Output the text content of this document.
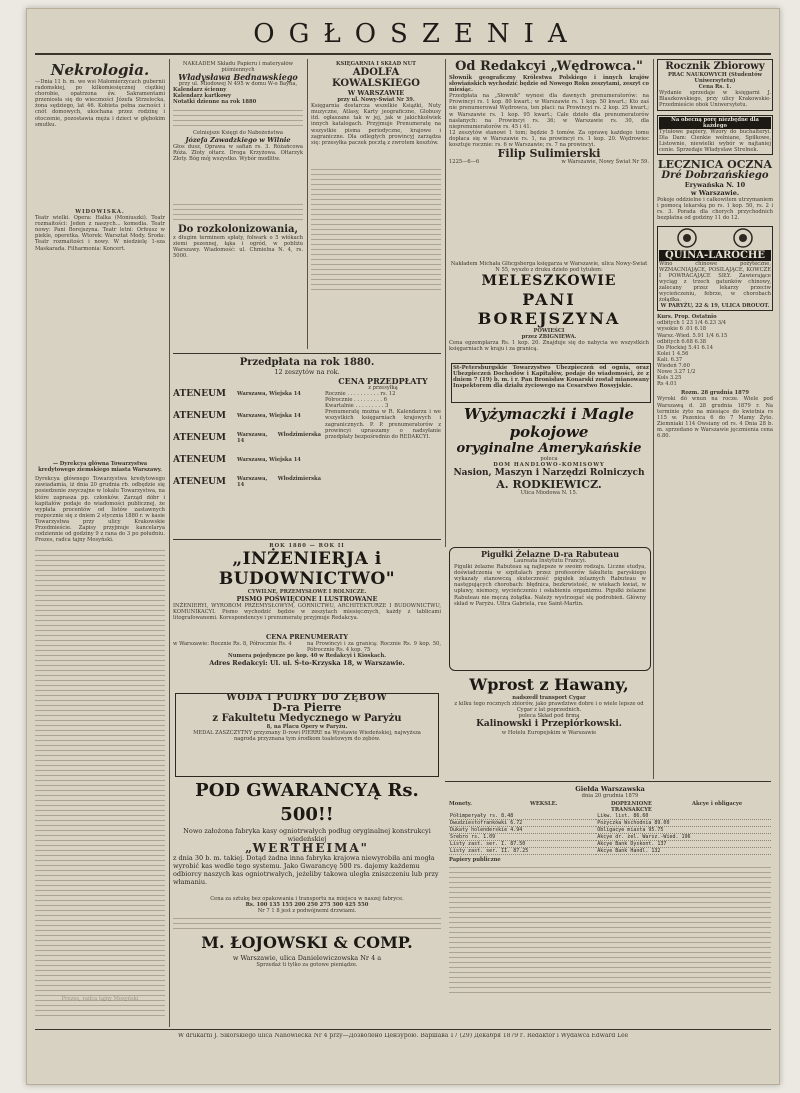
OGŁOSZENIA
Nekrologia.
—Dnia 11 b. m. we wsi Małomierzycach gubernii radomskiej, po kilkomiesięcznej ciężkiej chorobie, opatrzona św. Sakramentami przeniosła się do wieczności Józefa Strzelecka, żona sędziego, lat 46. Kobieta pełna zacności i cnót domowych, ukochana przez rodzinę i otoczenie, pozostawia męża i dzieci w głębokim smutku.
WIDOWISKA.
Teatr wielki. Opera: Halka (Moniuszki). Teatr rozmaitości: Jeden z naszych... komedia. Teatr nowy: Pani Borejszyna. Teatr letni: Orfeusz w piekle, operetka. Wtorek: Warsztat Mody. Środa: Teatr rozmaitości i nowy. W niedzielę 1-sza Maskarada. Filharmonia: Koncert.
— Dyrekcya główna Towarzystwa kredytowego ziemskiego miasta Warszawy.
Dyrekcya głównego Towarzystwa kredytowego zawiadamia, iż dnia 20 grudnia rb. odbędzie się posiedzenie zwyczajne w lokalu Towarzystwa, na które zaprasza pp. członków. Zarząd dóbr i kapitałów podaje do wiadomości publicznej, że wypłata procentów od listów zastawnych rozpocznie się z dniem 2 stycznia 1880 r. w kasie Towarzystwa przy ulicy Krakowskie Przedmieście. Zapisy przyjmuje kancelarya codziennie od godziny 9 z rana do 3 po południu. Prezes, radca tajny Mosyński.
NAKŁADEM Składu Papieru i materyałów piśmiennych
Władysława Bednawskiego
przy ul. Miodowej N 495 w domu W-o Bayna,
Kalendarz ścienny
Kalendarz kartkowy
Notatki dzienne na rok 1880
Celniejsze Księgi do Nabożeństwa
Józefa Zawadzkiego w Wilnie
Głos dusz, Oprawa w safian rs. 3. Różańcowa Róża. Złoty ołtarz. Droga Krzyżowa. Ołtarzyk Złoty. Bóg mój wszystko. Wybór modlitw.
Do rozkolonizowania,
z długim terminem spłaty, folwark o 5 włókach ziemi pszennej, łąka i ogród, w pobliżu Warszawy. Wiadomość: ul. Chmielna N. 4, rs. 5000.
KSIĘGARNIA I SKŁAD NUT
ADOLFA KOWALSKIEGO
W WARSZAWIE
przy ul. Nowy-Świat Nr 39.
Księgarnia dostarcza wszelkie Książki, Nuty muzyczne, Atlasy, Karty jeograficzne, Globusy itd. ogłaszane tak w jej, jak w jakichkolwiek innych katalogach. Przyjmuje Prenumeratę na wszystkie pisma periodyczne, krajowe i zagraniczne. Dla odległych prowincyj zarządza się: przesyłka paczek pocztą z zwrotem kosztów.
Przedpłata na rok 1880.
12 zeszytów na rok.
ATENEUM	Warszawa, Wiejska 14
ATENEUM	Warszawa, Wiejska 14
ATENEUM	Warszawa, Włodzimierska 14
ATENEUM	Warszawa, Wiejska 14
ATENEUM	Warszawa, Włodzimierska 14
CENA PRZEDPŁATY
z przesyłką
Rocznie . . . . . . . . . . rs. 12
Półrocznie . . . . . . . . . 6
Kwartalnie . . . . . . . . . 3
Prenumeratę można w R. Kalendarzu i we wszystkich księgarniach krajowych i zagranicznych. P. P. prenumeratorów z prowincyi upraszamy o nadsyłanie przedpłaty bezpośrednio do REDAKCYI.
ROK 1880 — ROK II
„INŻENIERJA i BUDOWNICTWO"
CYWILNE, PRZEMYSŁOWE I ROLNICZE.
PISMO POŚWIĘCONE I LUSTROWANE
INŻENIERYI, WYROBOM PRZEMYSŁOWYM, GÓRNICTWU, ARCHITEKTURZE I BUDOWNICTWU, KOMUNIKACYI. Pismo wychodzić będzie w zeszytach miesięcznych, każdy z tablicami litografowanemi. Korespondencye i prenumeratę przyjmuje Redakcya.
CENA PRENUMERATY
w Warszawie: Rocznie Rs. 8, Półrocznie Rs. 4	na Prowincyi i za granicą: Rocznie Rs. 9 kop. 50, Półrocznie Rs. 4 kop. 75
Numera pojedyncze po kop. 40 w Redakcyi i Kioskach.
Adres Redakcyi: Ul. ul. Ś-to-Krzyska 18, w Warszawie.
WODA I PUDRY DO ZĘBÓW
D-ra Pierre
z Fakultetu Medycznego w Paryżu
8, na Placu Opery w Paryżu.
MEDAL ZASZCZYTNY przyznany D-rowi PIERRE na Wystawie Wiedeńskiej, najwyższa nagroda przyznana tym środkom toaletowym do zębów.
POD GWARANCYĄ Rs. 500!!
Nowo założona fabryka kasy ogniotrwałych podług oryginalnej konstrukcyi wiedeńskiej
„WERTHEIMA"
z dnia 30 b. m. takiej. Dotąd żadna inna fabryka krajowa niewyrobiła ani mogła wyrobić kas wedle tego systemu. Jako Gwarancyę 500 rs. dajemy każdemu odbiorcy naszych kas ogniotrwałych, jeżeliby takowa uległa zniszczeniu lub przy włamaniu.
Cena za sztukę bez opakowania i transportu na miejscu w naszej fabryce.
Rs. 100 135 155 200 250 275 300 425 550
Nr 7 1 8 jest z podwójnemi drzwiami.
M. ŁOJOWSKI & COMP.
w Warszawie, ulica Danielewiczowska Nr 4 a
Sprzedaż ti tylko za gotowe pieniądze.
Od Redakcyi „Wędrowca."
Słownik geograficzny Królestwa Polskiego i innych krajów słowiańskich wychodzić będzie od Nowego Roku zeszytami, zeszyt co miesiąc.
Przedpłata na „Słownik" wynosi dla dawnych prenumeratorów: na Prowincyi rs. 1 kop. 80 kwart.; w Warszawie rs. 1 kop. 50 kwart.; Kto zaś nie prenumerował Wędrowca, ten płaci: na Prowincyi rs. 2 kop. 25 kwart.; w Warszawie rs. 1 kop. 95 kwart.; Całe dzieło dla prenumeratorów nasłanych: na Prowincyi rs. 36; w Warszawie rs. 30, dla nieprenumeratorów rs. 45 i 41.
12 zeszytów stanowi 1 tom; będzie 5 tomów. Za oprawę każdego tomu dopłaca się w Warszawie rs. 1, na prowincyi rs. 1 kop. 20. Wędrowiec kosztuje rocznie: rs. 6 w Warszawie; rs. 7 na prowincyi.
Filip Sulimierski
1225—6—6	w Warszawie, Nowy Świat Nr 59.
Nakładem Michała Glücgsberga księgarza w Warszawie, ulica Nowy-Świat N 55, wyszło z druku dzieło pod tytułem:
MELESZKOWIE
PANI BOREJSZYNA
POWIEŚCI
przez ZBIGNIEWA.
Cena egzemplarza Rs. 1 kop. 20. Znajduje się do nabycia we wszystkich księgarniach w kraju i za granicą.
St-Petersburgskie Towarzystwo Ubezpieczeń od ognia, oraz Ubezpieczeń Dochodów i Kapitałów, podaje do wiadomości, że z dniem 7 (19) b. m. i r. Pan Bronisław Konarski został mianowany Inspektorem dla działu życiowego na Cesarstwo Rossyjskie.
Wyżymaczki i Magle pokojowe
oryginalne Amerykańskie
poleca
DOM HANDLOWO-KOMISOWY
Nasion, Maszyn i Narzędzi Rolniczych
A. RODKIEWICZ.
Ulica Miodowa N. 15.
Pigułki Żelazne D-ra Rabuteau
Laureata Instytutu Francyi.
Pigułki żelazne Rabuteau są najlepsze w swoim rodzaju. Liczne studya, doświadczenia w szpitalach przez profesorów fakultetu paryskiego wykazały stanowczą skuteczność pigułek żelaznych Rabuteau w następujących chorobach: błędnica, bezkrwistość, w wiekach kwiat, w upławy, niemocy, wycieńczeniu i osłabieniu organizmu. Pigułki żelazne Rabuteau nie męczą żołądka. Należy wystrzegać się podrobień. Główny skład w Paryżu. Ultra Gabriela, rue Saint-Martin.
Wprost z Hawany,
nadszedł transport Cygar
z kilku tego rocznych zbiorów, jako prawdziwe dobre i o wiele lepsze od Cygar z lat poprzednich.
poleca Skład pod firmą
Kalinowski i Przepiórkowski.
w Hotelu Europejskim w Warszawie
Rocznik Zbiorowy
PRAC NAUKOWYCH (Studentów Uniwersytetu)
Cena Rs. 1.
Wydanie sprzedaje w księgarni J. Blaszkowskiego, przy ulicy Krakowskie-Przedmieście obok Uniwersytetu.
Na obecną porę niezbędne dla każdego
Tytułowe papiery, Wzory do buchalteryi. Dla Dam: Cienkie wełniane, Spiłkowe, Listownie, niewielki wybór w najtaniej cenie. Sprzedaje Władysław Strelnek.
LECZNICA OCZNA
Dré Dobrzańskiego
Erywańska N. 10
w Warszawie.
Pokoje oddzielne i całkowitem utrzymaniem i pomocą lekarską po rs. 1 kop. 50, rs. 2 i rs. 3. Porada dla chorych przychodnich bezpłatna od godziny 11 do 12.
QUINA-LAROCHE
Wino chinowe pożyteczne, WZMACNIAJĄCE, POSILAJĄCE, KOWCZE I POWRACAJĄCE SIŁY. Zawierające wyciąg z trzech gatunków chinowy, zalecany przez lekarzy przeciw wycieńczeniu, febrze, w chorobach żołądka.
W PARYŻU, 22 & 19, ULICA DROUOT.
Kurs. Prop. Ostatnio
odbitych 1 23 1/4 6.23 3/4
wysokie 6 .01 6.18
Warsz.-Wied. 5.91 1/4 6.15
odbitych 6.68 6.38
Do Płockiej 5.41 6.14
Kolei 1 4.56
Kali. 6.37
Wiedeń 7.60
Nowe 3.27 1/2
Kols 3.25
Rs 4.01
Rozm. 28 grudnia 1879
Wyroki dó wnun na rocze. Wiele pod Warszawą d. 28 grudnia 1879 r. Na terminie żyto na miesiące do kwietnia rs 115 w. Pszenica 6 do 7 Mamy Żyto. Ziemniaki 114 Owsiany od rs. 4 Dnia 28 b. m. sprzedano w Warszawie jęczmienia cena 6.80.
Giełda Warszawska
dnia 20 grudnia 1879
Monety.	WEKSLE.	DOPEŁNIONE TRANSAKCYE
Akcye i obligacye
Półimperyały rs. 8.48	Likw. list. 86.60
Dwudziestofrankówki 6.72	Pożyczka Wschodnia 89.00
Dukaty holenderskie 4.94	Obligacye miasta 95.75
Srebro rs. 1.09	Akcye dr. żel. Warsz.-Wied. 196
Listy zast. ser. I. 87.50	Akcye Bank Dyskont. 137
Listy zast. ser. II. 87.25	Akcye Bank Handl. 132
Papiery publiczne
W drukarni J. Sikorskiego ulica Nanowiecka Nr 4 przy—Дозволено Цензурою. Варшава 17 (29) Декабря 1879 г. Redaktor i Wydawca Edward Lee
